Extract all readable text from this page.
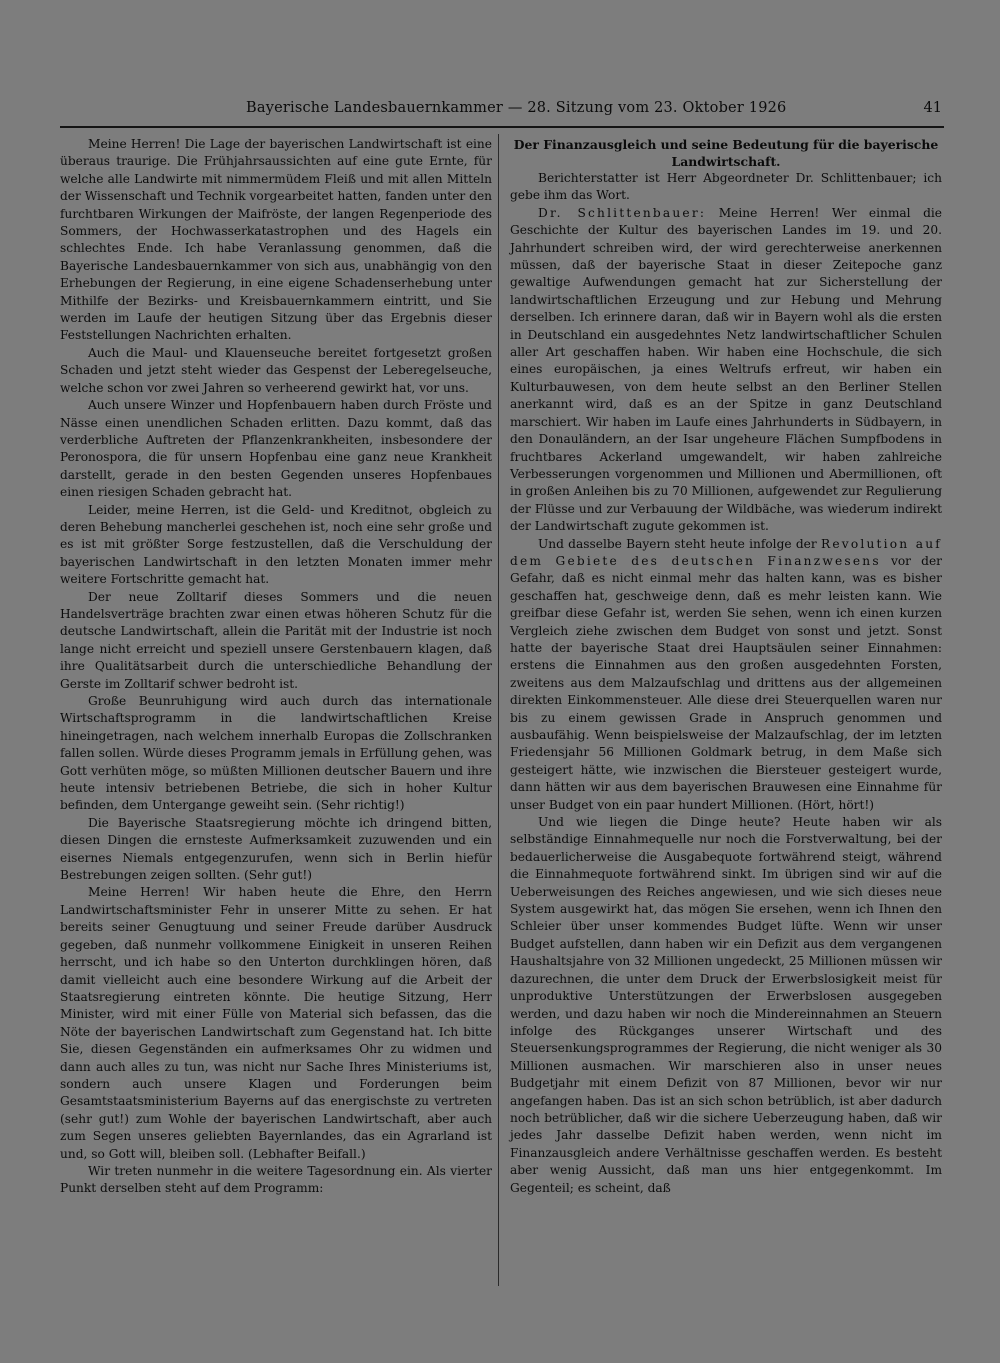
Bayerische Landesbauernkammer — 28. Sitzung vom 23. Oktober 1926	41

Meine Herren! Die Lage der bayerischen Landwirtschaft ist eine überaus traurige. Die Frühjahrsaussichten auf eine gute Ernte, für welche alle Landwirte mit nimmermüdem Fleiß und mit allen Mitteln der Wissenschaft und Technik vorgearbeitet hatten, fanden unter den furchtbaren Wirkungen der Maifröste, der langen Regenperiode des Sommers, der Hochwasserkatastrophen und des Hagels ein schlechtes Ende. Ich habe Veranlassung genommen, daß die Bayerische Landesbauernkammer von sich aus, unabhängig von den Erhebungen der Regierung, in eine eigene Schadenserhebung unter Mithilfe der Bezirks- und Kreisbauernkammern eintritt, und Sie werden im Laufe der heutigen Sitzung über das Ergebnis dieser Feststellungen Nachrichten erhalten.

Auch die Maul- und Klauenseuche bereitet fortgesetzt großen Schaden und jetzt steht wieder das Gespenst der Leberegelseuche, welche schon vor zwei Jahren so verheerend gewirkt hat, vor uns.

Auch unsere Winzer und Hopfenbauern haben durch Fröste und Nässe einen unendlichen Schaden erlitten. Dazu kommt, daß das verderbliche Auftreten der Pflanzenkrankheiten, insbesondere der Peronospora, die für unsern Hopfenbau eine ganz neue Krankheit darstellt, gerade in den besten Gegenden unseres Hopfenbaues einen riesigen Schaden gebracht hat.

Leider, meine Herren, ist die Geld- und Kreditnot, obgleich zu deren Behebung mancherlei geschehen ist, noch eine sehr große und es ist mit größter Sorge festzustellen, daß die Verschuldung der bayerischen Landwirtschaft in den letzten Monaten immer mehr weitere Fortschritte gemacht hat.

Der neue Zolltarif dieses Sommers und die neuen Handelsverträge brachten zwar einen etwas höheren Schutz für die deutsche Landwirtschaft, allein die Parität mit der Industrie ist noch lange nicht erreicht und speziell unsere Gerstenbauern klagen, daß ihre Qualitätsarbeit durch die unterschiedliche Behandlung der Gerste im Zolltarif schwer bedroht ist.

Große Beunruhigung wird auch durch das internationale Wirtschaftsprogramm in die landwirtschaftlichen Kreise hineingetragen, nach welchem innerhalb Europas die Zollschranken fallen sollen. Würde dieses Programm jemals in Erfüllung gehen, was Gott verhüten möge, so müßten Millionen deutscher Bauern und ihre heute intensiv betriebenen Betriebe, die sich in hoher Kultur befinden, dem Untergange geweiht sein. (Sehr richtig!)

Die Bayerische Staatsregierung möchte ich dringend bitten, diesen Dingen die ernsteste Aufmerksamkeit zuzuwenden und ein eisernes Niemals entgegenzurufen, wenn sich in Berlin hiefür Bestrebungen zeigen sollten. (Sehr gut!)

Meine Herren! Wir haben heute die Ehre, den Herrn Landwirtschaftsminister Fehr in unserer Mitte zu sehen. Er hat bereits seiner Genugtuung und seiner Freude darüber Ausdruck gegeben, daß nunmehr vollkommene Einigkeit in unseren Reihen herrscht, und ich habe so den Unterton durchklingen hören, daß damit vielleicht auch eine besondere Wirkung auf die Arbeit der Staatsregierung eintreten könnte. Die heutige Sitzung, Herr Minister, wird mit einer Fülle von Material sich befassen, das die Nöte der bayerischen Landwirtschaft zum Gegenstand hat. Ich bitte Sie, diesen Gegenständen ein aufmerksames Ohr zu widmen und dann auch alles zu tun, was nicht nur Sache Ihres Ministeriums ist, sondern auch unsere Klagen und Forderungen beim Gesamtstaatsministerium Bayerns auf das energischste zu vertreten (sehr gut!) zum Wohle der bayerischen Landwirtschaft, aber auch zum Segen unseres geliebten Bayernlandes, das ein Agrarland ist und, so Gott will, bleiben soll. (Lebhafter Beifall.)

Wir treten nunmehr in die weitere Tagesordnung ein. Als vierter Punkt derselben steht auf dem Programm:

Der Finanzausgleich und seine Bedeutung für die bayerische Landwirtschaft.

Berichterstatter ist Herr Abgeordneter Dr. Schlittenbauer; ich gebe ihm das Wort.

Dr. Schlittenbauer: Meine Herren! Wer einmal die Geschichte der Kultur des bayerischen Landes im 19. und 20. Jahrhundert schreiben wird, der wird gerechterweise anerkennen müssen, daß der bayerische Staat in dieser Zeitepoche ganz gewaltige Aufwendungen gemacht hat zur Sicherstellung der landwirtschaftlichen Erzeugung und zur Hebung und Mehrung derselben. Ich erinnere daran, daß wir in Bayern wohl als die ersten in Deutschland ein ausgedehntes Netz landwirtschaftlicher Schulen aller Art geschaffen haben. Wir haben eine Hochschule, die sich eines europäischen, ja eines Weltrufs erfreut, wir haben ein Kulturbauwesen, von dem heute selbst an den Berliner Stellen anerkannt wird, daß es an der Spitze in ganz Deutschland marschiert. Wir haben im Laufe eines Jahrhunderts in Südbayern, in den Donauländern, an der Isar ungeheure Flächen Sumpfbodens in fruchtbares Ackerland umgewandelt, wir haben zahlreiche Verbesserungen vorgenommen und Millionen und Abermillionen, oft in großen Anleihen bis zu 70 Millionen, aufgewendet zur Regulierung der Flüsse und zur Verbauung der Wildbäche, was wiederum indirekt der Landwirtschaft zugute gekommen ist.

Und dasselbe Bayern steht heute infolge der Revolution auf dem Gebiete des deutschen Finanzwesens vor der Gefahr, daß es nicht einmal mehr das halten kann, was es bisher geschaffen hat, geschweige denn, daß es mehr leisten kann. Wie greifbar diese Gefahr ist, werden Sie sehen, wenn ich einen kurzen Vergleich ziehe zwischen dem Budget von sonst und jetzt. Sonst hatte der bayerische Staat drei Hauptsäulen seiner Einnahmen: erstens die Einnahmen aus den großen ausgedehnten Forsten, zweitens aus dem Malzaufschlag und drittens aus der allgemeinen direkten Einkommensteuer. Alle diese drei Steuerquellen waren nur bis zu einem gewissen Grade in Anspruch genommen und ausbaufähig. Wenn beispielsweise der Malzaufschlag, der im letzten Friedensjahr 56 Millionen Goldmark betrug, in dem Maße sich gesteigert hätte, wie inzwischen die Biersteuer gesteigert wurde, dann hätten wir aus dem bayerischen Brauwesen eine Einnahme für unser Budget von ein paar hundert Millionen. (Hört, hört!)

Und wie liegen die Dinge heute? Heute haben wir als selbständige Einnahmequelle nur noch die Forstverwaltung, bei der bedauerlicherweise die Ausgabequote fortwährend steigt, während die Einnahmequote fortwährend sinkt. Im übrigen sind wir auf die Ueberweisungen des Reiches angewiesen, und wie sich dieses neue System ausgewirkt hat, das mögen Sie ersehen, wenn ich Ihnen den Schleier über unser kommendes Budget lüfte. Wenn wir unser Budget aufstellen, dann haben wir ein Defizit aus dem vergangenen Haushaltsjahre von 32 Millionen ungedeckt, 25 Millionen müssen wir dazurechnen, die unter dem Druck der Erwerbslosigkeit meist für unproduktive Unterstützungen der Erwerbslosen ausgegeben werden, und dazu haben wir noch die Mindereinnahmen an Steuern infolge des Rückganges unserer Wirtschaft und des Steuersenkungsprogrammes der Regierung, die nicht weniger als 30 Millionen ausmachen. Wir marschieren also in unser neues Budgetjahr mit einem Defizit von 87 Millionen, bevor wir nur angefangen haben. Das ist an sich schon betrüblich, ist aber dadurch noch betrüblicher, daß wir die sichere Ueberzeugung haben, daß wir jedes Jahr dasselbe Defizit haben werden, wenn nicht im Finanzausgleich andere Verhältnisse geschaffen werden. Es besteht aber wenig Aussicht, daß man uns hier entgegenkommt. Im Gegenteil; es scheint, daß
